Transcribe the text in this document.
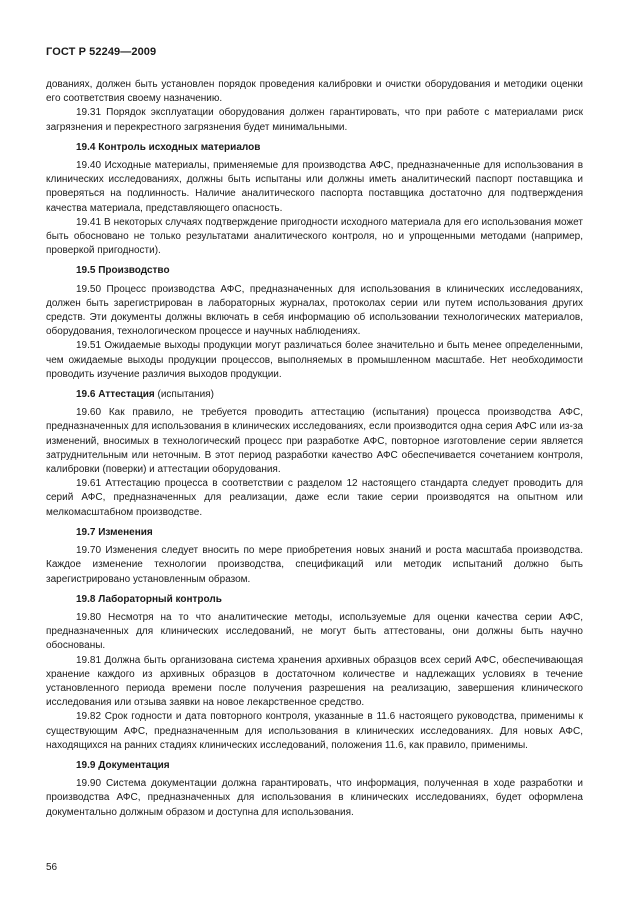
ГОСТ Р 52249—2009

дованиях, должен быть установлен порядок проведения калибровки и очистки оборудования и методики оценки его соответствия своему назначению.

19.31 Порядок эксплуатации оборудования должен гарантировать, что при работе с материалами риск загрязнения и перекрестного загрязнения будет минимальными.

19.4 Контроль исходных материалов

19.40 Исходные материалы, применяемые для производства АФС, предназначенные для использования в клинических исследованиях, должны быть испытаны или должны иметь аналитический паспорт поставщика и проверяться на подлинность. Наличие аналитического паспорта поставщика достаточно для подтверждения качества материала, представляющего опасность.

19.41 В некоторых случаях подтверждение пригодности исходного материала для его использования может быть обосновано не только результатами аналитического контроля, но и упрощенными методами (например, проверкой пригодности).

19.5 Производство

19.50 Процесс производства АФС, предназначенных для использования в клинических исследованиях, должен быть зарегистрирован в лабораторных журналах, протоколах серии или путем использования других средств. Эти документы должны включать в себя информацию об использовании технологических материалов, оборудования, технологическом процессе и научных наблюдениях.

19.51 Ожидаемые выходы продукции могут различаться более значительно и быть менее определенными, чем ожидаемые выходы продукции процессов, выполняемых в промышленном масштабе. Нет необходимости проводить изучение различия выходов продукции.

19.6 Аттестация (испытания)

19.60 Как правило, не требуется проводить аттестацию (испытания) процесса производства АФС, предназначенных для использования в клинических исследованиях, если производится одна серия АФС или из-за изменений, вносимых в технологический процесс при разработке АФС, повторное изготовление серии является затруднительным или неточным. В этот период разработки качество АФС обеспечивается сочетанием контроля, калибровки (поверки) и аттестации оборудования.

19.61 Аттестацию процесса в соответствии с разделом 12 настоящего стандарта следует проводить для серий АФС, предназначенных для реализации, даже если такие серии производятся на опытном или мелкомасштабном производстве.

19.7 Изменения

19.70 Изменения следует вносить по мере приобретения новых знаний и роста масштаба производства. Каждое изменение технологии производства, спецификаций или методик испытаний должно быть зарегистрировано установленным образом.

19.8 Лабораторный контроль

19.80 Несмотря на то что аналитические методы, используемые для оценки качества серии АФС, предназначенных для клинических исследований, не могут быть аттестованы, они должны быть научно обоснованы.

19.81 Должна быть организована система хранения архивных образцов всех серий АФС, обеспечивающая хранение каждого из архивных образцов в достаточном количестве и надлежащих условиях в течение установленного периода времени после получения разрешения на реализацию, завершения клинического исследования или отзыва заявки на новое лекарственное средство.

19.82 Срок годности и дата повторного контроля, указанные в 11.6 настоящего руководства, применимы к существующим АФС, предназначенным для использования в клинических исследованиях. Для новых АФС, находящихся на ранних стадиях клинических исследований, положения 11.6, как правило, применимы.

19.9 Документация

19.90 Система документации должна гарантировать, что информация, полученная в ходе разработки и производства АФС, предназначенных для использования в клинических исследованиях, будет оформлена документально должным образом и доступна для использования.

56
